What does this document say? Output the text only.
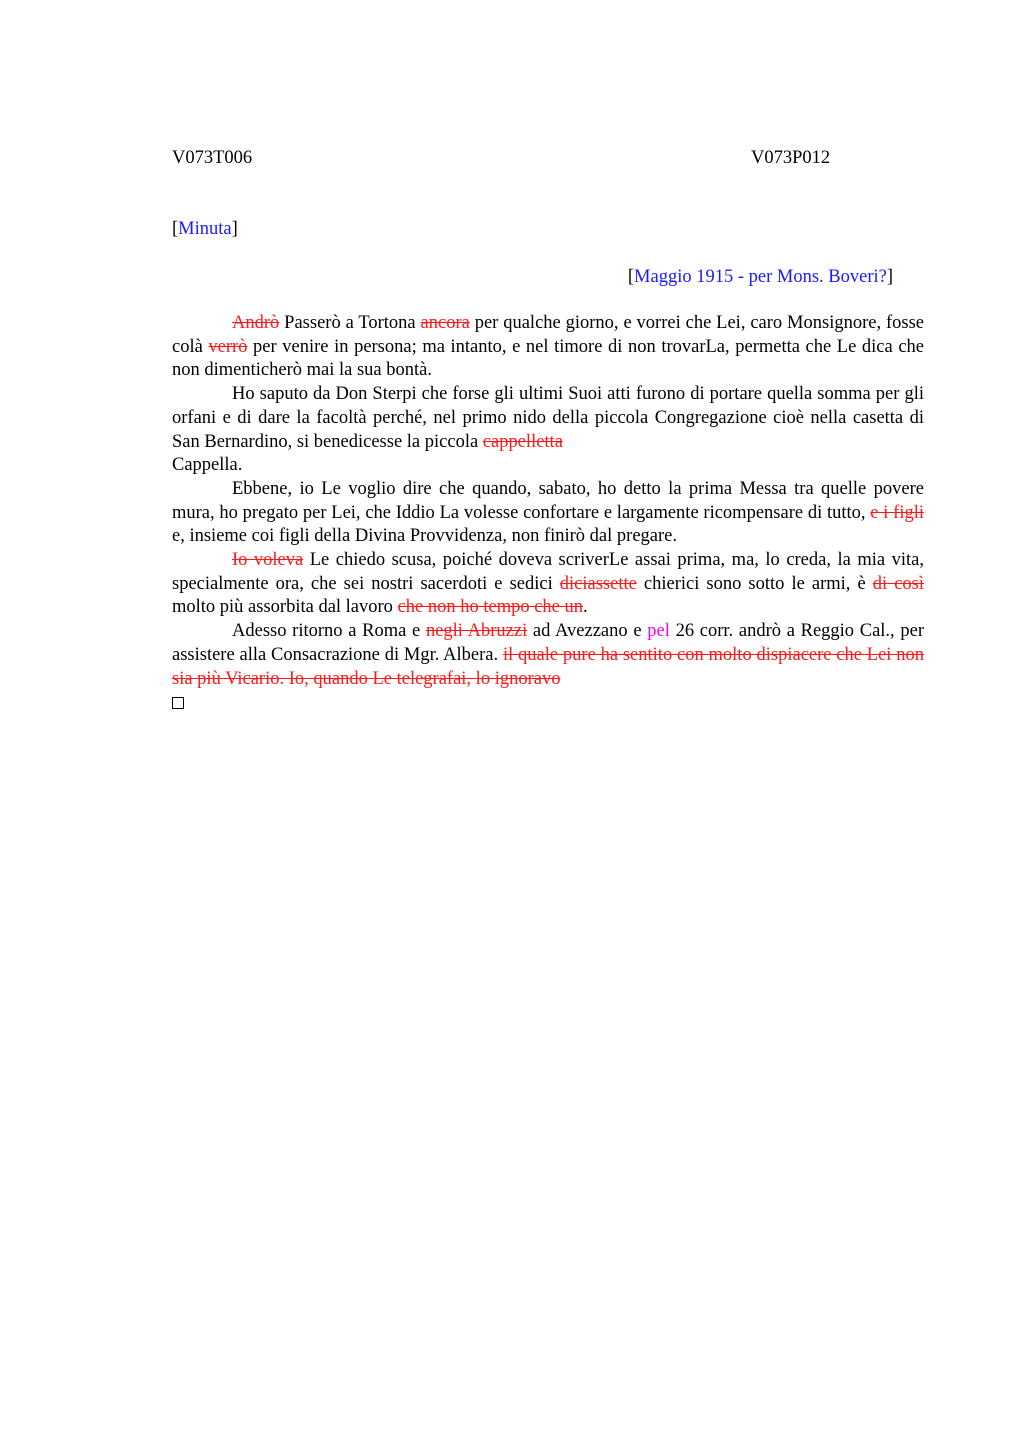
V073T006	V073P012
[Minuta]
[Maggio 1915 - per Mons. Boveri?]

Andrò Passerò a Tortona ancora per qualche giorno, e vorrei che Lei, caro Monsignore, fosse colà verrò per venire in persona; ma intanto, e nel timore di non trovarLa, permetta che Le dica che non dimenticherò mai la sua bontà.

Ho saputo da Don Sterpi che forse gli ultimi Suoi atti furono di portare quella somma per gli orfani e di dare la facoltà perché, nel primo nido della piccola Congregazione cioè nella casetta di San Bernardino, si benedicesse la piccola cappelletta
Cappella.

Ebbene, io Le voglio dire che quando, sabato, ho detto la prima Messa tra quelle povere mura, ho pregato per Lei, che Iddio La volesse confortare e largamente ricompensare di tutto, e i figli e, insieme coi figli della Divina Provvidenza, non finirò dal pregare.

Io voleva Le chiedo scusa, poiché doveva scriverLe assai prima, ma, lo creda, la mia vita, specialmente ora, che sei nostri sacerdoti e sedici diciassette chierici sono sotto le armi, è di così molto più assorbita dal lavoro che non ho tempo che un.

Adesso ritorno a Roma e negli Abruzzi ad Avezzano e pel 26 corr. andrò a Reggio Cal., per assistere alla Consacrazione di Mgr. Albera. il quale pure ha sentito con molto dispiacere che Lei non sia più Vicario. Io, quando Le telegrafai, lo ignoravo
